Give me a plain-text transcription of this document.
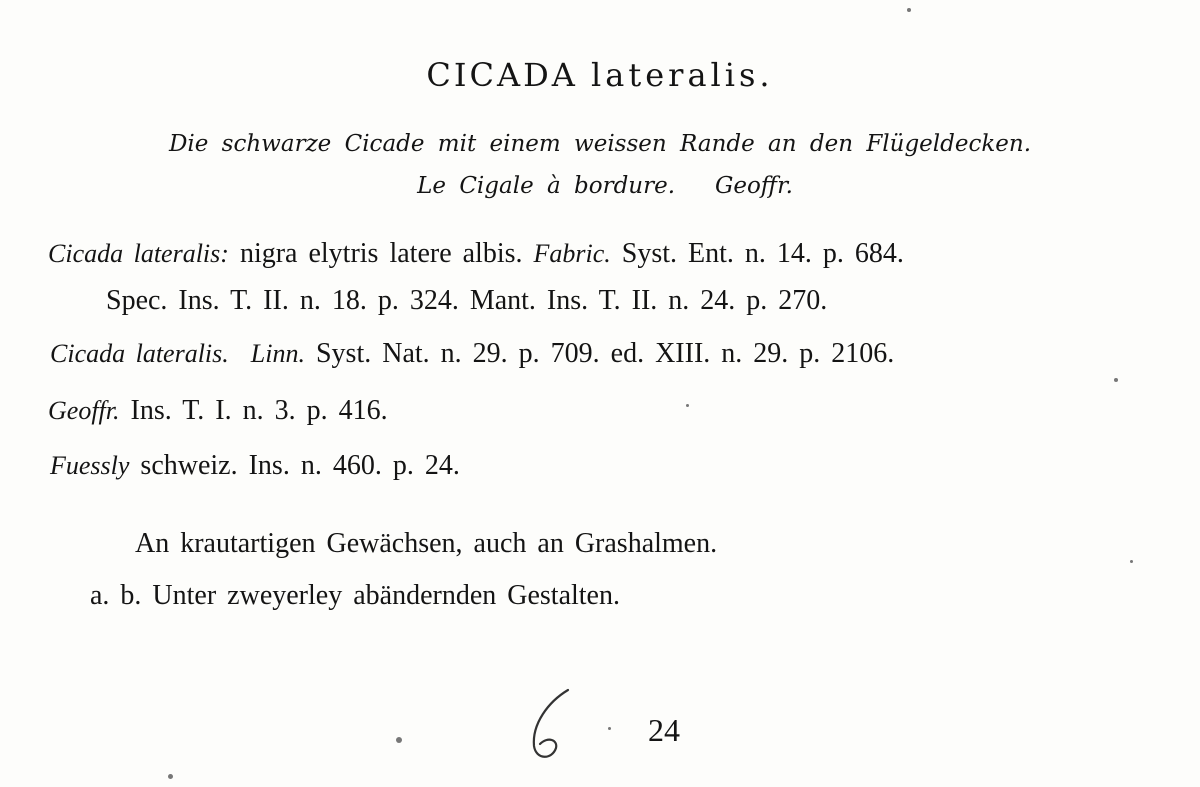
CICADA lateralis.
Die schwarze Cicade mit einem weissen Rande an den Flügeldecken.
Le Cigale à bordure. Geoffr.
Cicada lateralis: nigra elytris latere albis. Fabric. Syst. Ent. n. 14. p. 684.
Spec. Ins. T. II. n. 18. p. 324. Mant. Ins. T. II. n. 24. p. 270.
Cicada lateralis. Linn. Syst. Nat. n. 29. p. 709. ed. XIII. n. 29. p. 2106.
Geoffr. Ins. T. I. n. 3. p. 416.
Fuessly schweiz. Ins. n. 460. p. 24.
An krautartigen Gewächsen, auch an Grashalmen.
a. b. Unter zweyerley abändernden Gestalten.
24
